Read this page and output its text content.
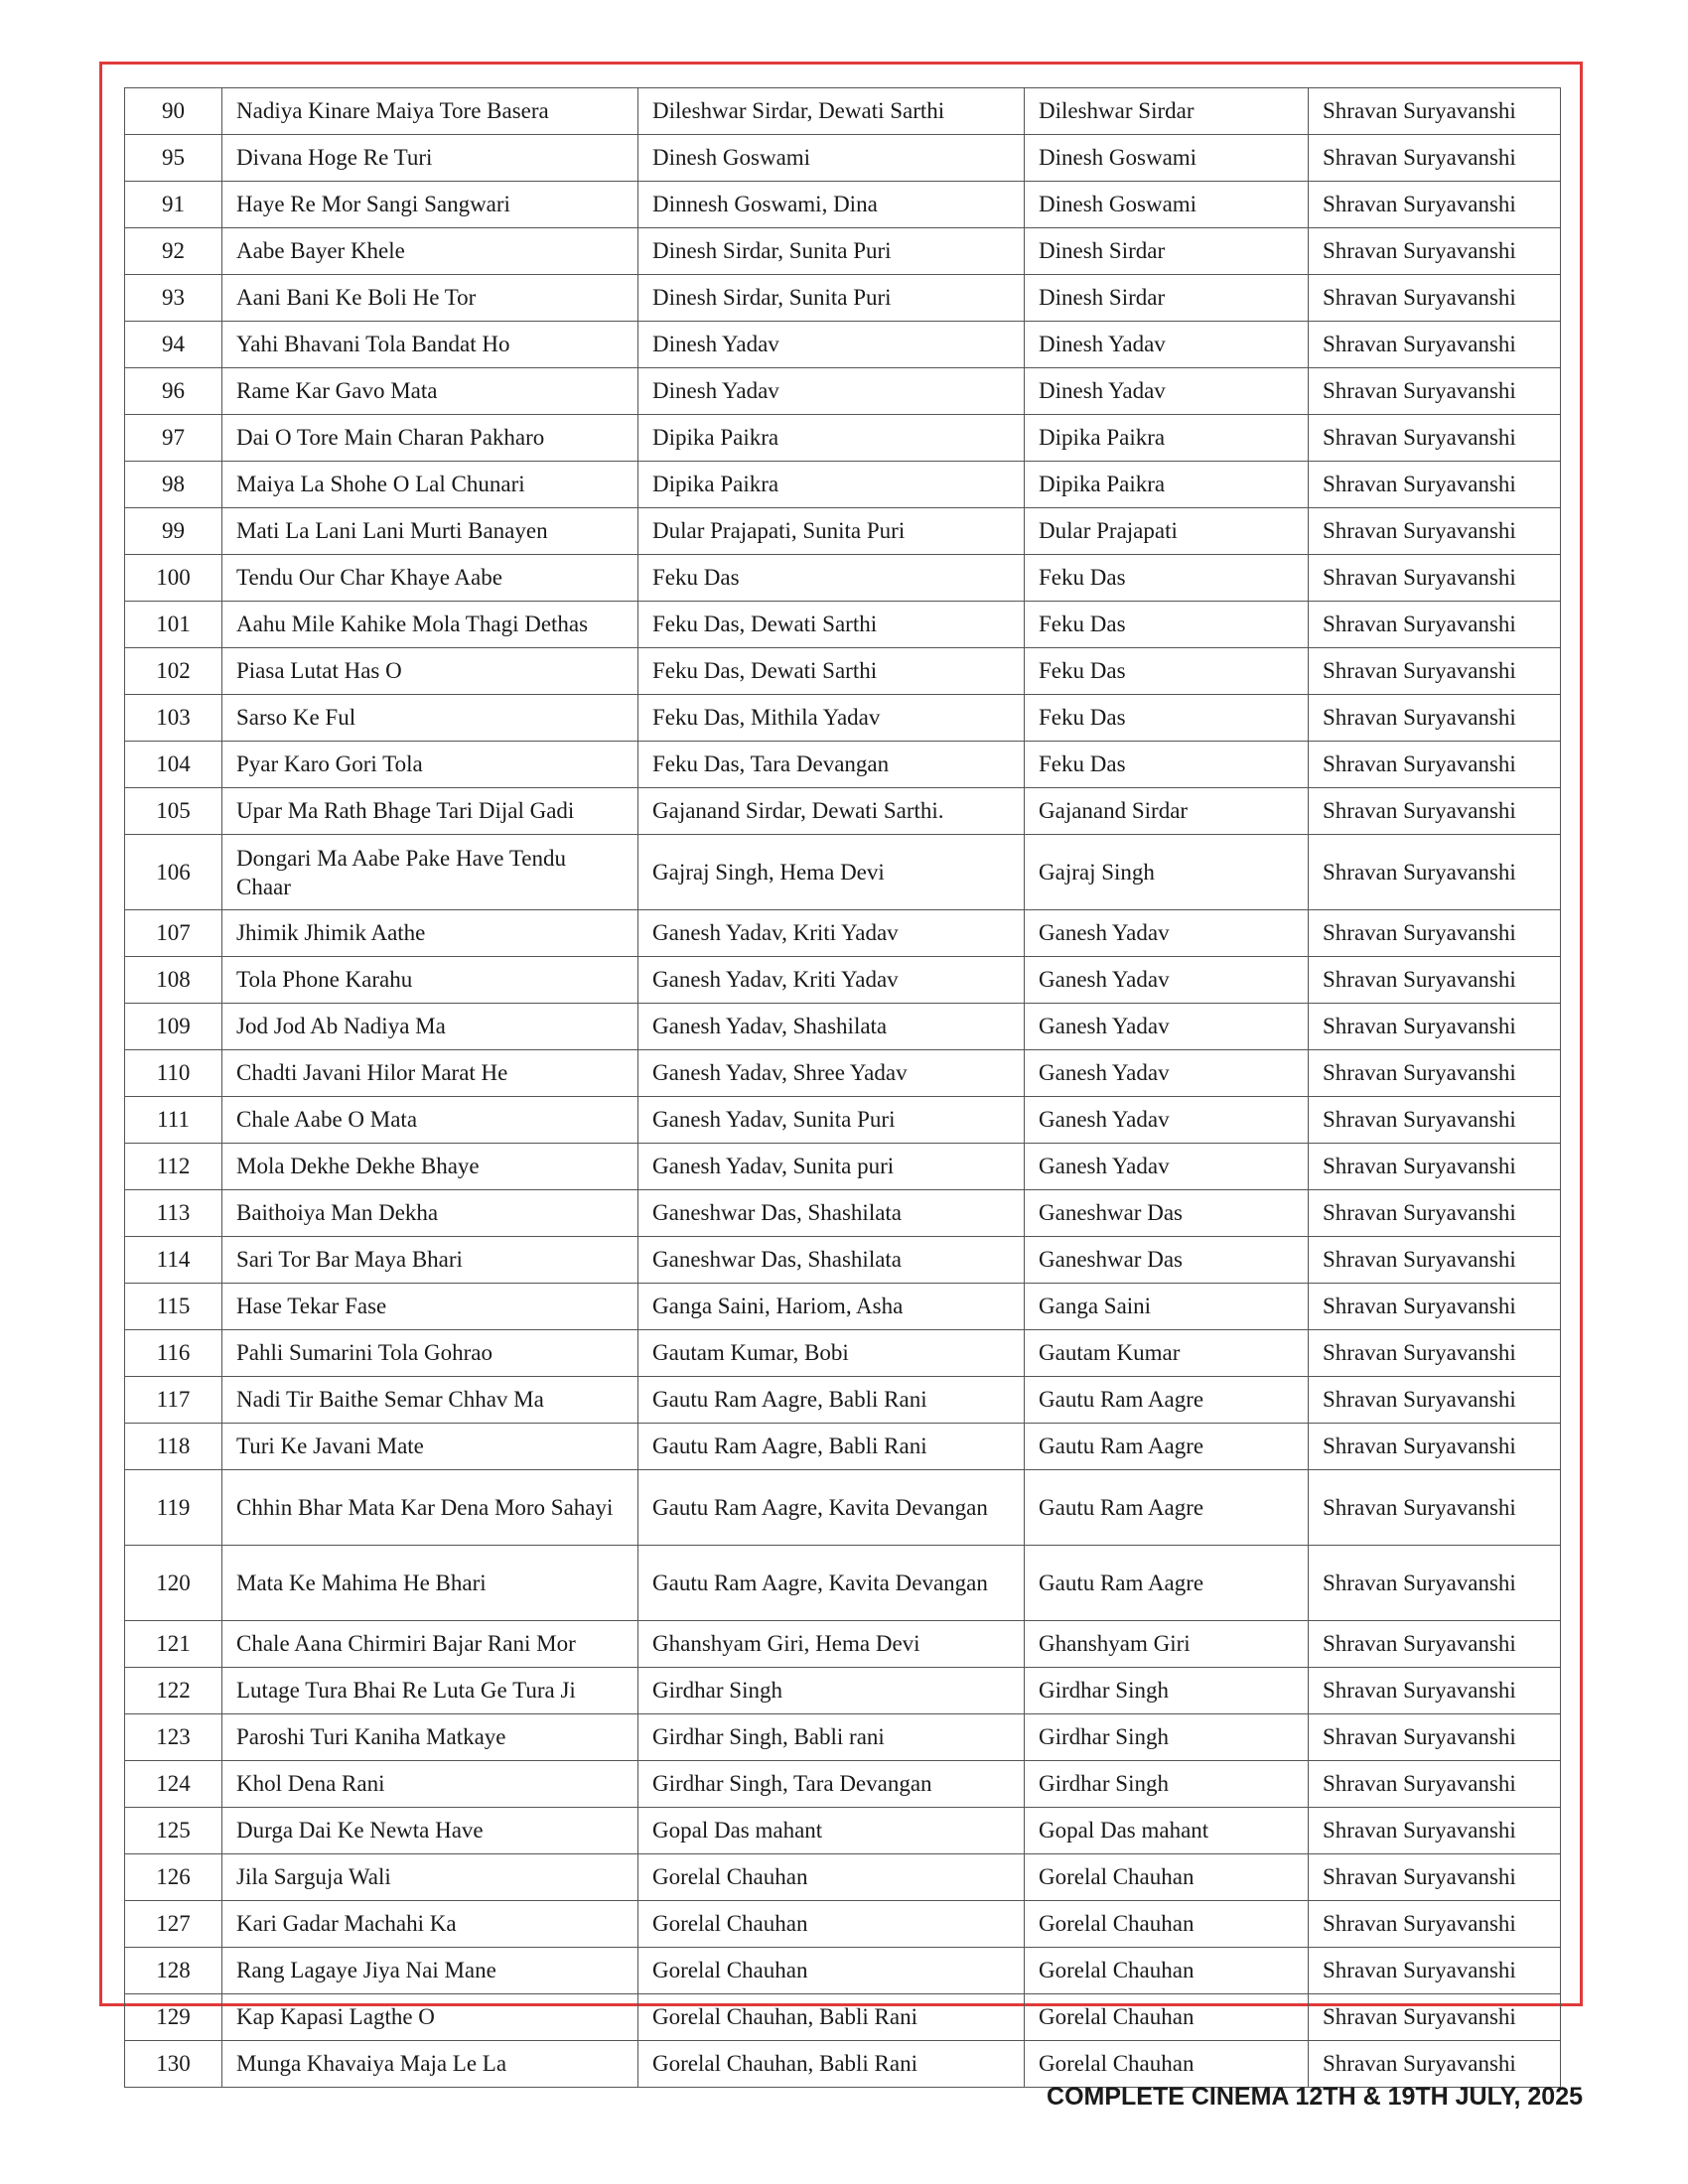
90	Nadiya Kinare Maiya Tore Basera	Dileshwar Sirdar, Dewati Sarthi	Dileshwar Sirdar	Shravan Suryavanshi
95	Divana Hoge Re Turi	Dinesh Goswami	Dinesh Goswami	Shravan Suryavanshi
91	Haye Re Mor Sangi Sangwari	Dinnesh Goswami, Dina	Dinesh Goswami	Shravan Suryavanshi
92	Aabe Bayer Khele	Dinesh Sirdar, Sunita Puri	Dinesh Sirdar	Shravan Suryavanshi
93	Aani Bani Ke Boli He Tor	Dinesh Sirdar, Sunita Puri	Dinesh Sirdar	Shravan Suryavanshi
94	Yahi Bhavani Tola Bandat Ho	Dinesh Yadav	Dinesh Yadav	Shravan Suryavanshi
96	Rame Kar Gavo Mata	Dinesh Yadav	Dinesh Yadav	Shravan Suryavanshi
97	Dai O Tore Main Charan Pakharo	Dipika Paikra	Dipika Paikra	Shravan Suryavanshi
98	Maiya La Shohe O Lal Chunari	Dipika Paikra	Dipika Paikra	Shravan Suryavanshi
99	Mati La Lani Lani Murti Banayen	Dular Prajapati, Sunita Puri	Dular Prajapati	Shravan Suryavanshi
100	Tendu Our Char Khaye Aabe	Feku Das	Feku Das	Shravan Suryavanshi
101	Aahu Mile Kahike Mola Thagi Dethas	Feku Das, Dewati Sarthi	Feku Das	Shravan Suryavanshi
102	Piasa Lutat Has O	Feku Das, Dewati Sarthi	Feku Das	Shravan Suryavanshi
103	Sarso Ke Ful	Feku Das, Mithila Yadav	Feku Das	Shravan Suryavanshi
104	Pyar Karo Gori Tola	Feku Das, Tara Devangan	Feku Das	Shravan Suryavanshi
105	Upar Ma Rath Bhage Tari Dijal Gadi	Gajanand Sirdar, Dewati Sarthi.	Gajanand Sirdar	Shravan Suryavanshi
106	Dongari Ma Aabe Pake Have Tendu Chaar	Gajraj Singh, Hema Devi	Gajraj Singh	Shravan Suryavanshi
107	Jhimik Jhimik Aathe	Ganesh Yadav, Kriti Yadav	Ganesh Yadav	Shravan Suryavanshi
108	Tola Phone Karahu	Ganesh Yadav, Kriti Yadav	Ganesh Yadav	Shravan Suryavanshi
109	Jod Jod Ab Nadiya Ma	Ganesh Yadav, Shashilata	Ganesh Yadav	Shravan Suryavanshi
110	Chadti Javani Hilor Marat He	Ganesh Yadav, Shree Yadav	Ganesh Yadav	Shravan Suryavanshi
111	Chale Aabe O Mata	Ganesh Yadav, Sunita Puri	Ganesh Yadav	Shravan Suryavanshi
112	Mola Dekhe Dekhe Bhaye	Ganesh Yadav, Sunita puri	Ganesh Yadav	Shravan Suryavanshi
113	Baithoiya Man Dekha	Ganeshwar Das, Shashilata	Ganeshwar Das	Shravan Suryavanshi
114	Sari Tor Bar Maya Bhari	Ganeshwar Das, Shashilata	Ganeshwar Das	Shravan Suryavanshi
115	Hase Tekar Fase	Ganga Saini, Hariom, Asha	Ganga Saini	Shravan Suryavanshi
116	Pahli Sumarini Tola Gohrao	Gautam Kumar, Bobi	Gautam Kumar	Shravan Suryavanshi
117	Nadi Tir Baithe Semar Chhav Ma	Gautu Ram Aagre, Babli Rani	Gautu Ram Aagre	Shravan Suryavanshi
118	Turi Ke Javani Mate	Gautu Ram Aagre, Babli Rani	Gautu Ram Aagre	Shravan Suryavanshi
119	Chhin Bhar Mata Kar Dena Moro Sahayi	Gautu Ram Aagre, Kavita Devangan	Gautu Ram Aagre	Shravan Suryavanshi
120	Mata Ke Mahima He Bhari	Gautu Ram Aagre, Kavita Devangan	Gautu Ram Aagre	Shravan Suryavanshi
121	Chale Aana Chirmiri Bajar Rani Mor	Ghanshyam Giri, Hema Devi	Ghanshyam Giri	Shravan Suryavanshi
122	Lutage Tura Bhai Re Luta Ge Tura Ji	Girdhar Singh	Girdhar Singh	Shravan Suryavanshi
123	Paroshi Turi Kaniha Matkaye	Girdhar Singh, Babli rani	Girdhar Singh	Shravan Suryavanshi
124	Khol Dena Rani	Girdhar Singh, Tara Devangan	Girdhar Singh	Shravan Suryavanshi
125	Durga Dai Ke Newta Have	Gopal Das mahant	Gopal Das mahant	Shravan Suryavanshi
126	Jila Sarguja Wali	Gorelal Chauhan	Gorelal Chauhan	Shravan Suryavanshi
127	Kari Gadar Machahi Ka	Gorelal Chauhan	Gorelal Chauhan	Shravan Suryavanshi
128	Rang Lagaye Jiya Nai Mane	Gorelal Chauhan	Gorelal Chauhan	Shravan Suryavanshi
129	Kap Kapasi Lagthe O	Gorelal Chauhan, Babli Rani	Gorelal Chauhan	Shravan Suryavanshi
130	Munga Khavaiya Maja Le La	Gorelal Chauhan, Babli Rani	Gorelal Chauhan	Shravan Suryavanshi
COMPLETE CINEMA 12TH & 19TH JULY, 2025
